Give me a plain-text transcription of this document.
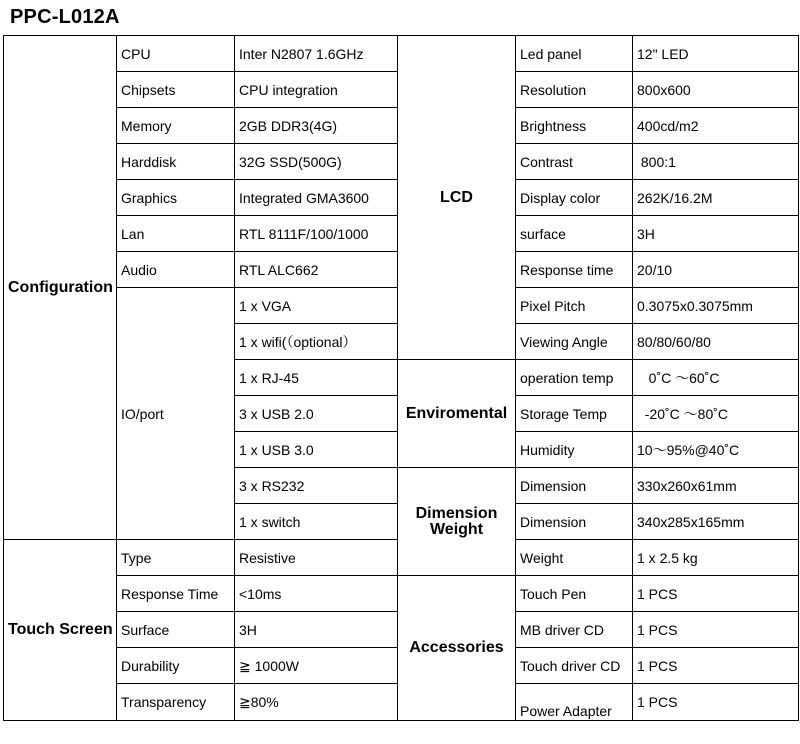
PPC-L012A
Configuration	CPU	Inter N2807 1.6GHz	LCD	Led panel	12" LED
	Chipsets	CPU integration		Resolution	800x600
	Memory	2GB DDR3(4G)		Brightness	400cd/m2
	Harddisk	32G SSD(500G)		Contrast	800:1
	Graphics	Integrated GMA3600		Display color	262K/16.2M
	Lan	RTL 8111F/100/1000		surface	3H
	Audio	RTL ALC662		Response time	20/10
	IO/port	1 x VGA		Pixel Pitch	0.3075x0.3075mm
		1 x wifi(（optional）		Viewing Angle	80/80/60/80
		1 x RJ-45	Enviromental	operation temp	0˚C ～60˚C
		3 x USB 2.0		Storage Temp	-20˚C ～80˚C
		1 x USB 3.0		Humidity	10～95%@40˚C
		3 x RS232	Dimension Weight	Dimension	330x260x61mm
		1 x switch		Dimension	340x285x165mm
Touch Screen	Type	Resistive		Weight	1 x 2.5 kg
	Response Time	<10ms	Accessories	Touch Pen	1 PCS
	Surface	3H		MB driver CD	1 PCS
	Durability	≧ 1000W		Touch driver CD	1 PCS
	Transparency	≧80%		Power Adapter	1 PCS
